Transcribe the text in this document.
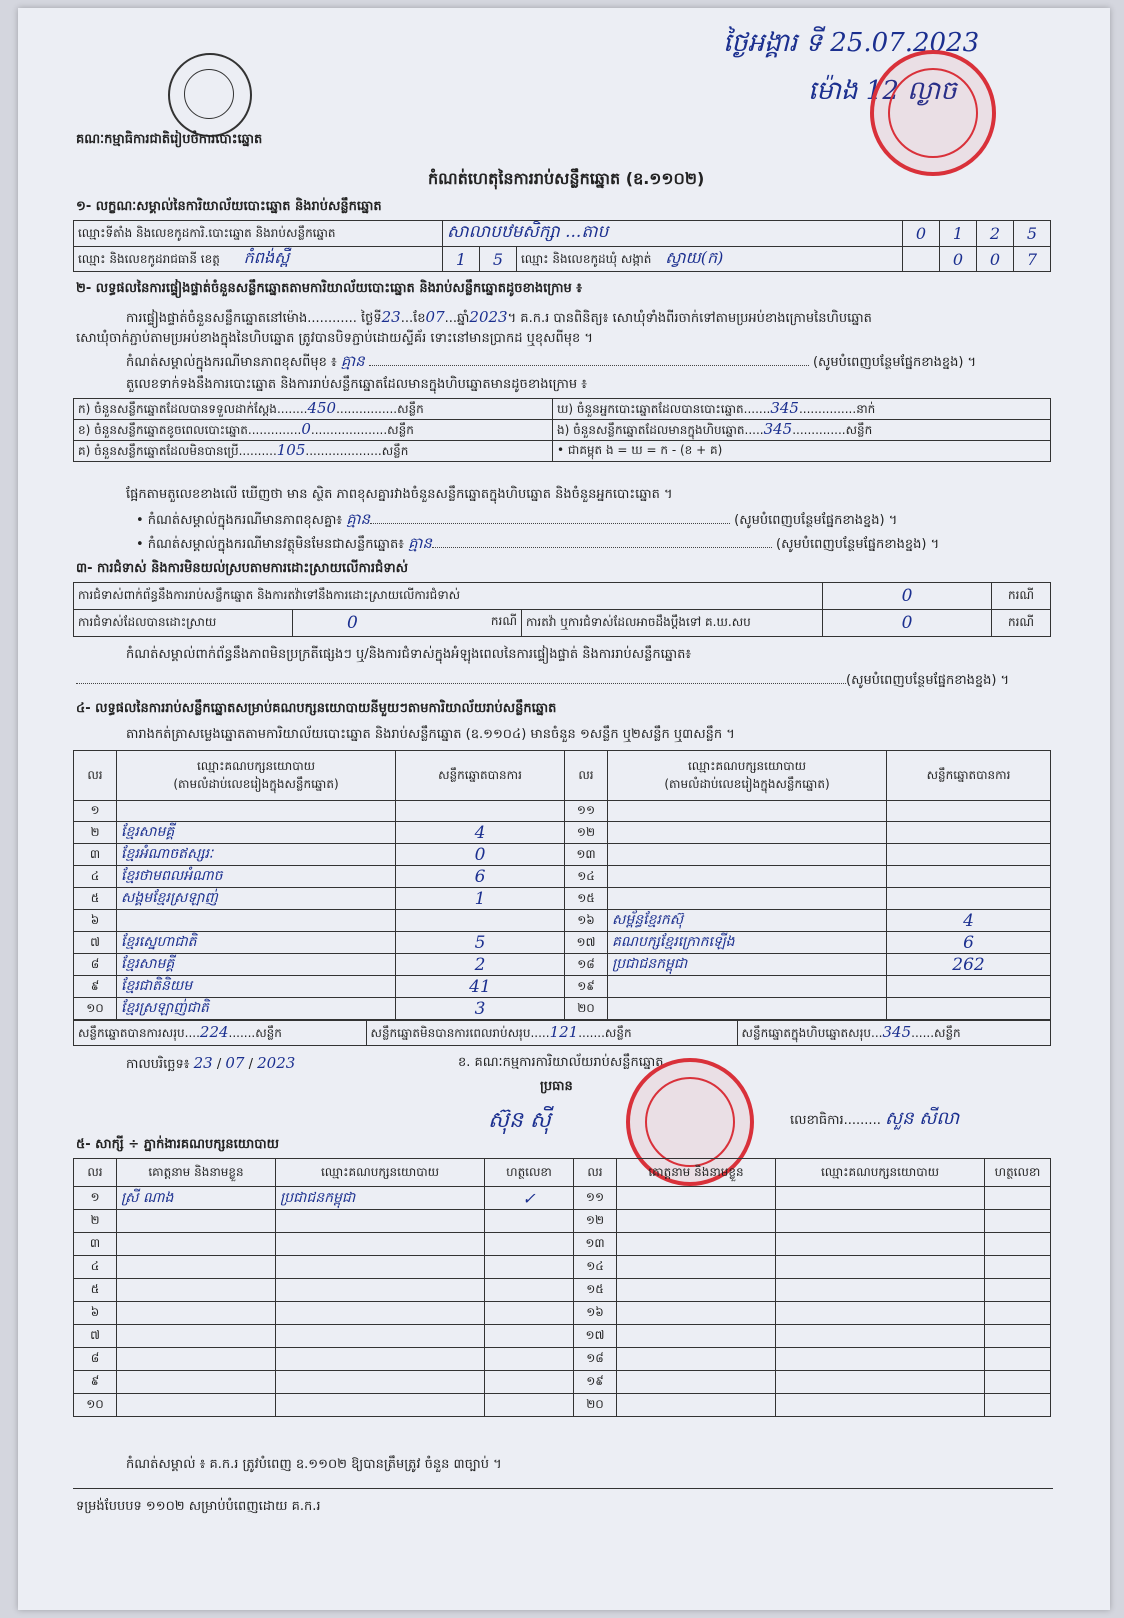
ថ្ងៃអង្គារ ទី 25.07.2023
ម៉ោង 12 ល្ងាច
គណៈកម្មាធិការជាតិរៀបចំការបោះឆ្នោត
កំណត់ហេតុនៃការរាប់សន្លឹកឆ្នោត (ឧ.១១០២)
១- លក្ខណៈសម្គាល់នៃការិយាល័យបោះឆ្នោត និងរាប់សន្លឹកឆ្នោត
ឈ្មោះទីតាំង និងលេខកូដការិ.បោះឆ្នោត និងរាប់សន្លឹកឆ្នោត	សាលាបឋមសិក្សា ...តាប			0	1	2	5
ឈ្មោះ និងលេខកូដរាជធានី ខេត្ត កំពង់ស្ពឺ	1	5	ឈ្មោះ និងលេខកូដឃុំ សង្កាត់ ស្វាយ(ក)		0	0	7
២- លទ្ធផលនៃការផ្ទៀងផ្ទាត់ចំនួនសន្លឹកឆ្នោតតាមការិយាល័យបោះឆ្នោត និងរាប់សន្លឹកឆ្នោតដូចខាងក្រោម ៖
ការផ្ទៀងផ្ទាត់ចំនួនសន្លឹកឆ្នោតនៅម៉ោង............ ថ្ងៃទី23...ខែ07...ឆ្នាំ2023។ គ.ក.រ បានពិនិត្យ៖ សោឃុំទាំងពីរចាក់ទៅតាមប្រអប់ខាងក្រោមនៃហិបឆ្នោត
សោឃុំចាក់ភ្ជាប់តាមប្រអប់ខាងក្នុងនៃហិបឆ្នោត ត្រូវបានបិទភ្ជាប់ដោយស្ទីគ័រ ទោះនៅមានប្រាកដ ឬខុសពីមុខ ។
កំណត់សម្គាល់ក្នុងករណីមានភាពខុសពីមុខ ៖ គ្មាន	(សូមបំពេញបន្ថែមផ្នែកខាងខ្នង) ។
តួលេខទាក់ទងនឹងការបោះឆ្នោត និងការរាប់សន្លឹកឆ្នោតដែលមានក្នុងហិបឆ្នោតមានដូចខាងក្រោម ៖
ក) ចំនួនសន្លឹកឆ្នោតដែលបានទទួលដាក់ស្តែង........450................សន្លឹក	ឃ) ចំនួនអ្នកបោះឆ្នោតដែលបានបោះឆ្នោត.......345...............នាក់
ខ) ចំនួនសន្លឹកឆ្នោតខូចពេលបោះឆ្នោត..............0....................សន្លឹក	ង) ចំនួនសន្លឹកឆ្នោតដែលមានក្នុងហិបឆ្នោត.....345..............សន្លឹក
គ) ចំនួនសន្លឹកឆ្នោតដែលមិនបានប្រើ..........105....................សន្លឹក	• ជាគម្ពុត ង = ឃ = ក - (ខ + គ)
ផ្អែកតាមតួលេខខាងលើ ឃើញថា មាន ស្ថិត ភាពខុសគ្នារវាងចំនួនសន្លឹកឆ្នោតក្នុងហិបឆ្នោត និងចំនួនអ្នកបោះឆ្នោត ។
• កំណត់សម្គាល់ក្នុងករណីមានភាពខុសគ្នា៖ គ្មាន	(សូមបំពេញបន្ថែមផ្នែកខាងខ្នង) ។
• កំណត់សម្គាល់ក្នុងករណីមានវត្ថុមិនមែនជាសន្លឹកឆ្នោត៖ គ្មាន	(សូមបំពេញបន្ថែមផ្នែកខាងខ្នង) ។
៣- ការជំទាស់ និងការមិនយល់ស្របតាមការដោះស្រាយលើការជំទាស់
ការជំទាស់ពាក់ព័ន្ធនឹងការរាប់សន្លឹកឆ្នោត និងការតវ៉ាទៅនឹងការដោះស្រាយលើការជំទាស់			0	ករណី
ការជំទាស់ដែលបានដោះស្រាយ	0 ករណី	ការតវ៉ា ឬការជំទាស់ដែលអាចដឹងប្តឹងទៅ គ.ឃ.សប	0	ករណី
កំណត់សម្គាល់ពាក់ព័ន្ធនឹងភាពមិនប្រក្រតីផ្សេងៗ ឬ/និងការជំទាស់ក្នុងអំឡុងពេលនៃការផ្ទៀងផ្ទាត់ និងការរាប់សន្លឹកឆ្នោត៖
(សូមបំពេញបន្ថែមផ្នែកខាងខ្នង) ។
៤- លទ្ធផលនៃការរាប់សន្លឹកឆ្នោតសម្រាប់គណបក្សនយោបាយនីមួយៗតាមការិយាល័យរាប់សន្លឹកឆ្នោត
តារាងកត់ត្រាសម្លេងឆ្នោតតាមការិយាល័យបោះឆ្នោត និងរាប់សន្លឹកឆ្នោត (ឧ.១១០៤) មានចំនួន ១សន្លឹក ឬ២សន្លឹក ឬ៣សន្លឹក ។
លរ	ឈ្មោះគណបក្សនយោបាយ
(តាមលំដាប់លេខរៀងក្នុងសន្លឹកឆ្នោត)	សន្លឹកឆ្នោតបានការ	លរ	ឈ្មោះគណបក្សនយោបាយ
(តាមលំដាប់លេខរៀងក្នុងសន្លឹកឆ្នោត)	សន្លឹកឆ្នោតបានការ
១			១១		
២	ខ្មែរសាមគ្គី	4	១២		
៣	ខ្មែរអំណាចឥស្សរៈ	0	១៣		
៤	ខ្មែរថាមពលអំណាច	6	១៤		
៥	សង្គមខ្មែរស្រឡាញ់	1	១៥		
៦			១៦	សម្ព័ន្ធខ្មែរកស៊ុ	4
៧	ខ្មែរស្នេហាជាតិ	5	១៧	គណបក្សខ្មែរក្រោកឡើង	6
៨	ខ្មែរសាមគ្គី	2	១៨	ប្រជាជនកម្ពុជា	262
៩	ខ្មែរជាតិនិយម	41	១៩		
១០	ខ្មែរស្រឡាញ់ជាតិ	3	២០		
សន្លឹកឆ្នោតបានការសរុប....224.......សន្លឹក	សន្លឹកឆ្នោតមិនបានការពេលរាប់សរុប.....121.......សន្លឹក	សន្លឹកឆ្នោតក្នុងហិបឆ្នោតសរុប...345......សន្លឹក
កាលបរិច្ឆេទ៖ 23 / 07 / 2023	ខ. គណៈកម្មការការិយាល័យរាប់សន្លឹកឆ្នោត
ប្រធាន
ស៊ុន ស៊ី	លេខាធិការ......... សួន សីលា
៥- សាក្សី ÷ ភ្នាក់ងារគណបក្សនយោបាយ
លរ	គោត្តនាម និងនាមខ្លួន	ឈ្មោះគណបក្សនយោបាយ	ហត្ថលេខា	លរ	គោត្តនាម និងនាមខ្លួន	ឈ្មោះគណបក្សនយោបាយ	ហត្ថលេខា
១	ស្រី ណាង	ប្រជាជនកម្ពុជា	✓	១១			
២				១២			
៣				១៣			
៤				១៤			
៥				១៥			
៦				១៦			
៧				១៧			
៨				១៨			
៩				១៩			
១០				២០			
កំណត់សម្គាល់ ៖ គ.ក.រ ត្រូវបំពេញ ឧ.១១០២ ឱ្យបានត្រឹមត្រូវ ចំនួន ៣ច្បាប់ ។
ទម្រង់បែបបទ ១១០២ សម្រាប់បំពេញដោយ គ.ក.រ
